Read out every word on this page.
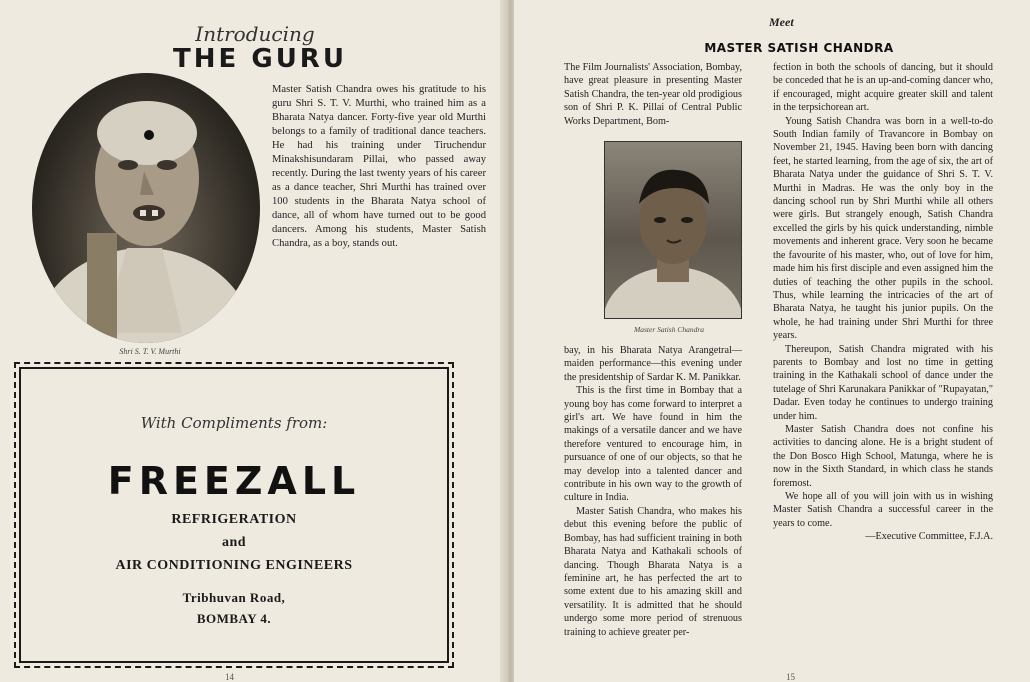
Introducing
THE GURU
Shri S. T. V. Murthi

Master Satish Chandra owes his gratitude to his guru Shri S. T. V. Murthi, who trained him as a Bharata Natya dancer. Forty-five year old Murthi belongs to a family of traditional dance teachers. He had his training under Tiruchendur Minakshisundaram Pillai, who passed away recently. During the last twenty years of his career as a dance teacher, Shri Murthi has trained over 100 students in the Bharata Natya school of dance, all of whom have turned out to be good dancers. Among his students, Master Satish Chandra, as a boy, stands out.

With Compliments from:
FREEZALL
REFRIGERATION
and
AIR CONDITIONING ENGINEERS
Tribhuvan Road,
BOMBAY 4.
14
Meet
MASTER SATISH CHANDRA

The Film Journalists' Association, Bombay, have great pleasure in presenting Master Satish Chandra, the ten-year old prodigious son of Shri P. K. Pillai of Central Public Works Department, Bom-

Master Satish Chandra

bay, in his Bharata Natya Arangetral— maiden performance—this evening under the presidentship of Sardar K. M. Panikkar.

This is the first time in Bombay that a young boy has come forward to interpret a girl's art. We have found in him the makings of a versatile dancer and we have therefore ventured to encourage him, in pursuance of one of our objects, so that he may develop into a talented dancer and contribute in his own way to the growth of culture in India.

Master Satish Chandra, who makes his debut this evening before the public of Bombay, has had sufficient training in both Bharata Natya and Kathakali schools of dancing. Though Bharata Natya is a feminine art, he has perfected the art to some extent due to his amazing skill and versatility. It is admitted that he should undergo some more period of strenuous training to achieve greater per-

fection in both the schools of dancing, but it should be conceded that he is an up-and-coming dancer who, if encouraged, might acquire greater skill and talent in the terpsichorean art.

Young Satish Chandra was born in a well-to-do South Indian family of Travancore in Bombay on November 21, 1945. Having been born with dancing feet, he started learning, from the age of six, the art of Bharata Natya under the guidance of Shri S. T. V. Murthi in Madras. He was the only boy in the dancing school run by Shri Murthi while all others were girls. But strangely enough, Satish Chandra excelled the girls by his quick understanding, nimble movements and inherent grace. Very soon he became the favourite of his master, who, out of love for him, made him his first disciple and even assigned him the duties of teaching the other pupils in the school. Thus, while learning the intricacies of the art of Bharata Natya, he taught his junior pupils. On the whole, he had training under Shri Murthi for three years.

Thereupon, Satish Chandra migrated with his parents to Bombay and lost no time in getting training in the Kathakali school of dance under the tutelage of Shri Karunakara Panikkar of "Rupayatan," Dadar. Even today he continues to undergo training under him.

Master Satish Chandra does not confine his activities to dancing alone. He is a bright student of the Don Bosco High School, Matunga, where he is now in the Sixth Standard, in which class he stands foremost.

We hope all of you will join with us in wishing Master Satish Chandra a successful career in the years to come.

—Executive Committee, F.J.A.

15
